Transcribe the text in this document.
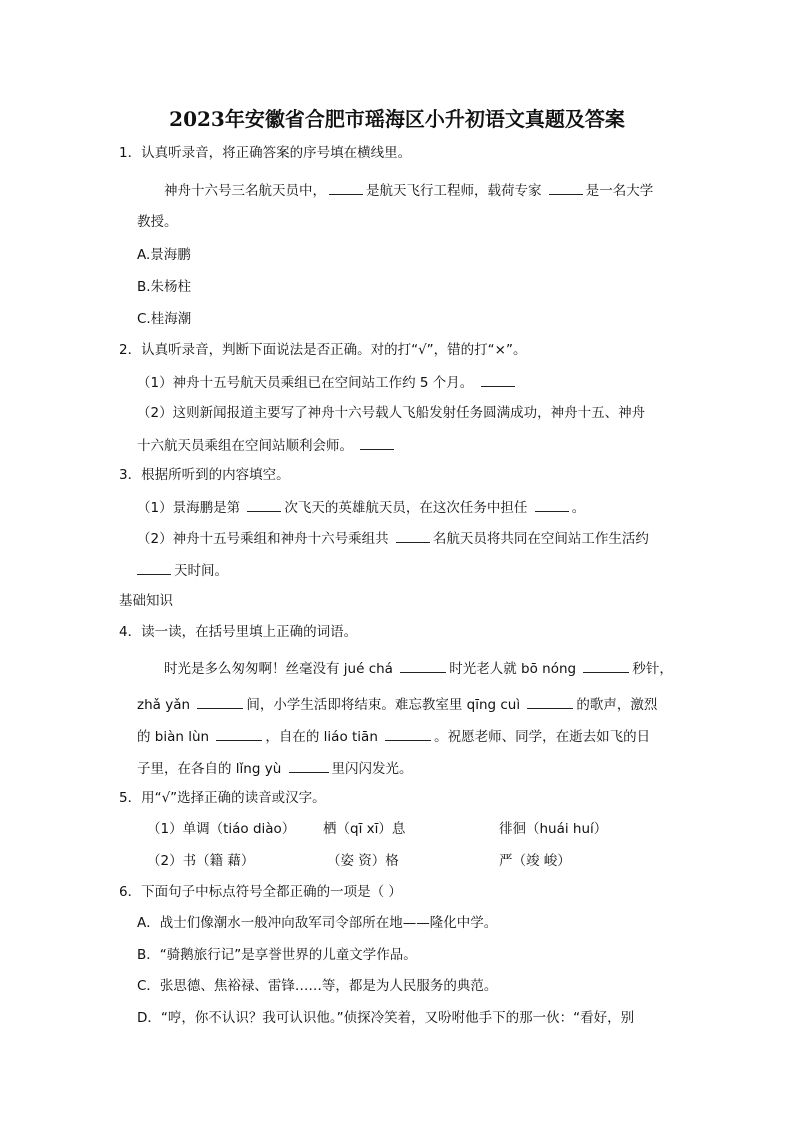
2023年安徽省合肥市瑶海区小升初语文真题及答案
1．认真听录音，将正确答案的序号填在横线里。
神舟十六号三名航天员中，	是航天飞行工程师，载荷专家	是一名大学
教授。
A.景海鹏
B.朱杨柱
C.桂海潮
2．认真听录音，判断下面说法是否正确。对的打“√”，错的打“×”。
（1）神舟十五号航天员乘组已在空间站工作约 5 个月。
（2）这则新闻报道主要写了神舟十六号载人飞船发射任务圆满成功，神舟十五、神舟
十六航天员乘组在空间站顺利会师。
3．根据所听到的内容填空。
（1）景海鹏是第	次飞天的英雄航天员，在这次任务中担任	。
（2）神舟十五号乘组和神舟十六号乘组共	名航天员将共同在空间站工作生活约
天时间。
基础知识
4．读一读，在括号里填上正确的词语。
时光是多么匆匆啊！丝毫没有 jué chá	时光老人就 bō nóng	秒针，
zhǎ yǎn	间，小学生活即将结束。难忘教室里 qīng cuì	的歌声，激烈
的 biàn lùn	，自在的 liáo tiān	。祝愿老师、同学，在逝去如飞的日
子里，在各自的 lǐng yù	里闪闪发光。
5．用“√”选择正确的读音或汉字。
（1）单调（tiáo diào） 栖（qī xī）息	徘徊（huái huí）
（2）书（籍 藉）	（姿 资）格	严（竣 峻）
6．下面句子中标点符号全都正确的一项是（ ）
A．战士们像潮水一般冲向敌军司令部所在地——隆化中学。
B．“骑鹅旅行记”是享誉世界的儿童文学作品。
C．张思德、焦裕禄、雷锋……等，都是为人民服务的典范。
D．“哼，你不认识？我可认识他。”侦探冷笑着，又吩咐他手下的那一伙：“看好，别
